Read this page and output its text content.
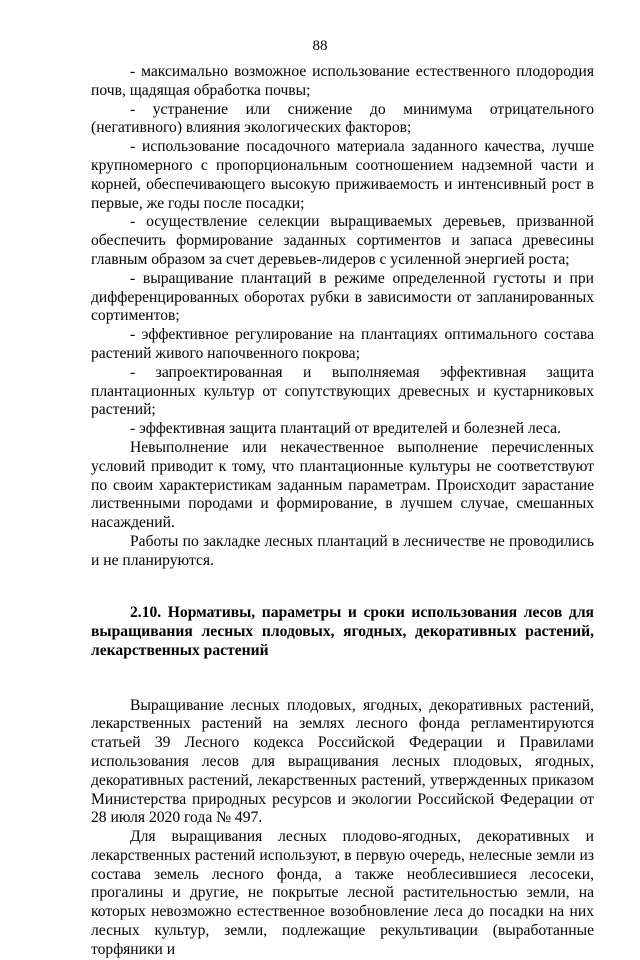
88

- максимально возможное использование естественного плодородия почв, щадящая обработка почвы;

- устранение или снижение до минимума отрицательного (негативного) влияния экологических факторов;

- использование посадочного материала заданного качества, лучше крупномерного с пропорциональным соотношением надземной части и корней, обеспечивающего высокую приживаемость и интенсивный рост в первые, же годы после посадки;

- осуществление селекции выращиваемых деревьев, призванной обеспечить формирование заданных сортиментов и запаса древесины главным образом за счет деревьев-лидеров с усиленной энергией роста;

- выращивание плантаций в режиме определенной густоты и при дифференцированных оборотах рубки в зависимости от запланированных сортиментов;

- эффективное регулирование на плантациях оптимального состава растений живого напочвенного покрова;

- запроектированная и выполняемая эффективная защита плантационных культур от сопутствующих древесных и кустарниковых растений;

- эффективная защита плантаций от вредителей и болезней леса.

Невыполнение или некачественное выполнение перечисленных условий приводит к тому, что плантационные культуры не соответствуют по своим характеристикам заданным параметрам. Происходит зарастание лиственными породами и формирование, в лучшем случае, смешанных насаждений.

Работы по закладке лесных плантаций в лесничестве не проводились и не планируются.

2.10. Нормативы, параметры и сроки использования лесов для выращивания лесных плодовых, ягодных, декоративных растений, лекарственных растений

Выращивание лесных плодовых, ягодных, декоративных растений, лекарственных растений на землях лесного фонда регламентируются статьей 39 Лесного кодекса Российской Федерации и Правилами использования лесов для выращивания лесных плодовых, ягодных, декоративных растений, лекарственных растений, утвержденных приказом Министерства природных ресурсов и экологии Российской Федерации от 28 июля 2020 года № 497.

Для выращивания лесных плодово-ягодных, декоративных и лекарственных растений используют, в первую очередь, нелесные земли из состава земель лесного фонда, а также необлесившиеся лесосеки, прогалины и другие, не покрытые лесной растительностью земли, на которых невозможно естественное возобновление леса до посадки на них лесных культур, земли, подлежащие рекультивации (выработанные торфяники и
